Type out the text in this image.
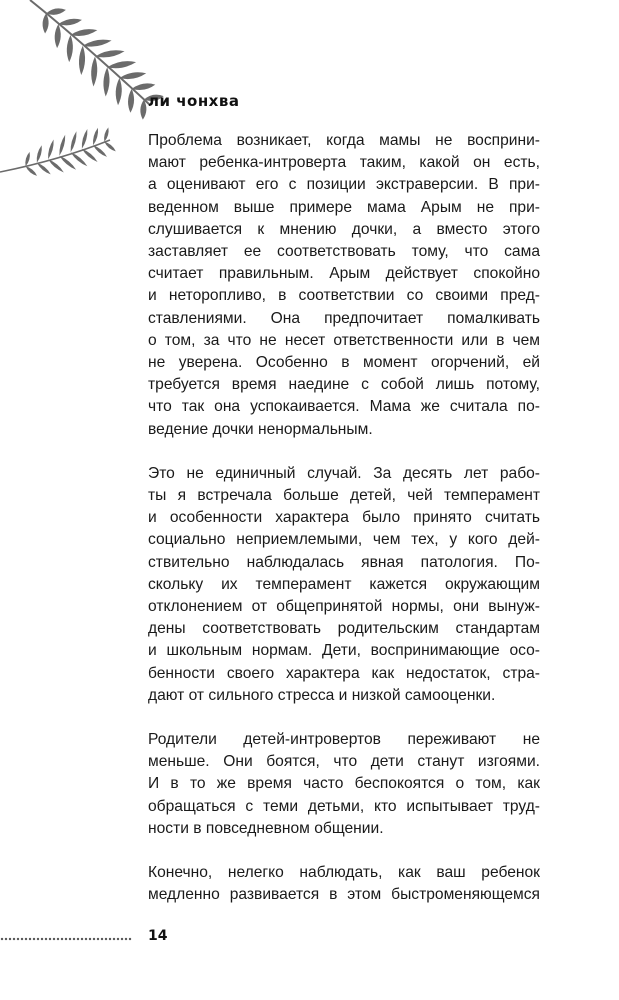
ли чонхва

Проблема возникает, когда мамы не восприни-
мают ребенка-интроверта таким, какой он есть,
а оценивают его с позиции экстраверсии. В при-
веденном выше примере мама Арым не при-
слушивается к мнению дочки, а вместо этого
заставляет ее соответствовать тому, что сама
считает правильным. Арым действует спокойно
и неторопливо, в соответствии со своими пред-
ставлениями. Она предпочитает помалкивать
о том, за что не несет ответственности или в чем
не уверена. Особенно в момент огорчений, ей
требуется время наедине с собой лишь потому,
что так она успокаивается. Мама же считала по-
ведение дочки ненормальным.

Это не единичный случай. За десять лет рабо-
ты я встречала больше детей, чей темперамент
и особенности характера было принято считать
социально неприемлемыми, чем тех, у кого дей-
ствительно наблюдалась явная патология. По-
скольку их темперамент кажется окружающим
отклонением от общепринятой нормы, они вынуж-
дены соответствовать родительским стандартам
и школьным нормам. Дети, воспринимающие осо-
бенности своего характера как недостаток, стра-
дают от сильного стресса и низкой самооценки.

Родители детей-интровертов переживают не
меньше. Они боятся, что дети станут изгоями.
И в то же время часто беспокоятся о том, как
обращаться с теми детьми, кто испытывает труд-
ности в повседневном общении.

Конечно, нелегко наблюдать, как ваш ребенок
медленно развивается в этом быстроменяющемся

14
